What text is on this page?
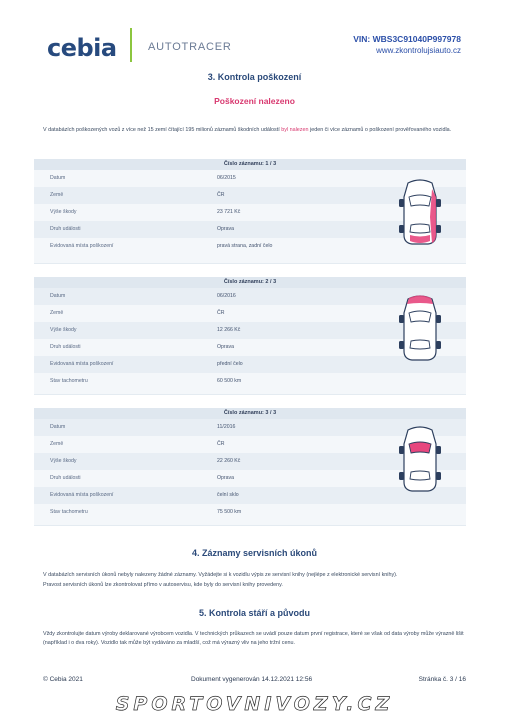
cebia	AUTOTRACER
VIN: WBS3C91040P997978
www.zkontrolujsiauto.cz
3. Kontrola poškození
Poškození nalezeno
V databázích poškozených vozů z více než 15 zemí čítající 195 milionů záznamů škodních událostí byl nalezen jeden či více záznamů o poškození prověřovaného vozidla.
Číslo záznamu: 1 / 3
Datum	06/2015
Země	ČR
Výše škody	23 721 Kč
Druh události	Oprava
Evidovaná místa poškození	pravá strana, zadní čelo
Číslo záznamu: 2 / 3
Datum	06/2016
Země	ČR
Výše škody	12 266 Kč
Druh události	Oprava
Evidovaná místa poškození	přední čelo
Stav tachometru	60 500 km
Číslo záznamu: 3 / 3
Datum	11/2016
Země	ČR
Výše škody	22 260 Kč
Druh události	Oprava
Evidovaná místa poškození	čelní sklo
Stav tachometru	75 500 km
4. Záznamy servisních úkonů
V databázích servisních úkonů nebyly nalezeny žádné záznamy. Vyžádejte si k vozidlu výpis ze servisní knihy (nejlépe z elektronické servisní knihy).
Pravost servisních úkonů lze zkontrolovat přímo v autoservisu, kde byly do servisní knihy provedeny.
5. Kontrola stáří a původu
Vždy zkontrolujte datum výroby deklarované výrobcem vozidla. V technických průkazech se uvádí pouze datum první registrace, které se však od data výroby může výrazně lišit (například i o dva roky). Vozidlo tak může být vydáváno za mladší, což má výrazný vliv na jeho tržní cenu.
© Cebia 2021	Dokument vygenerován 14.12.2021 12:56	Stránka č. 3 / 16
SPORTOVNIVOZY.CZ
